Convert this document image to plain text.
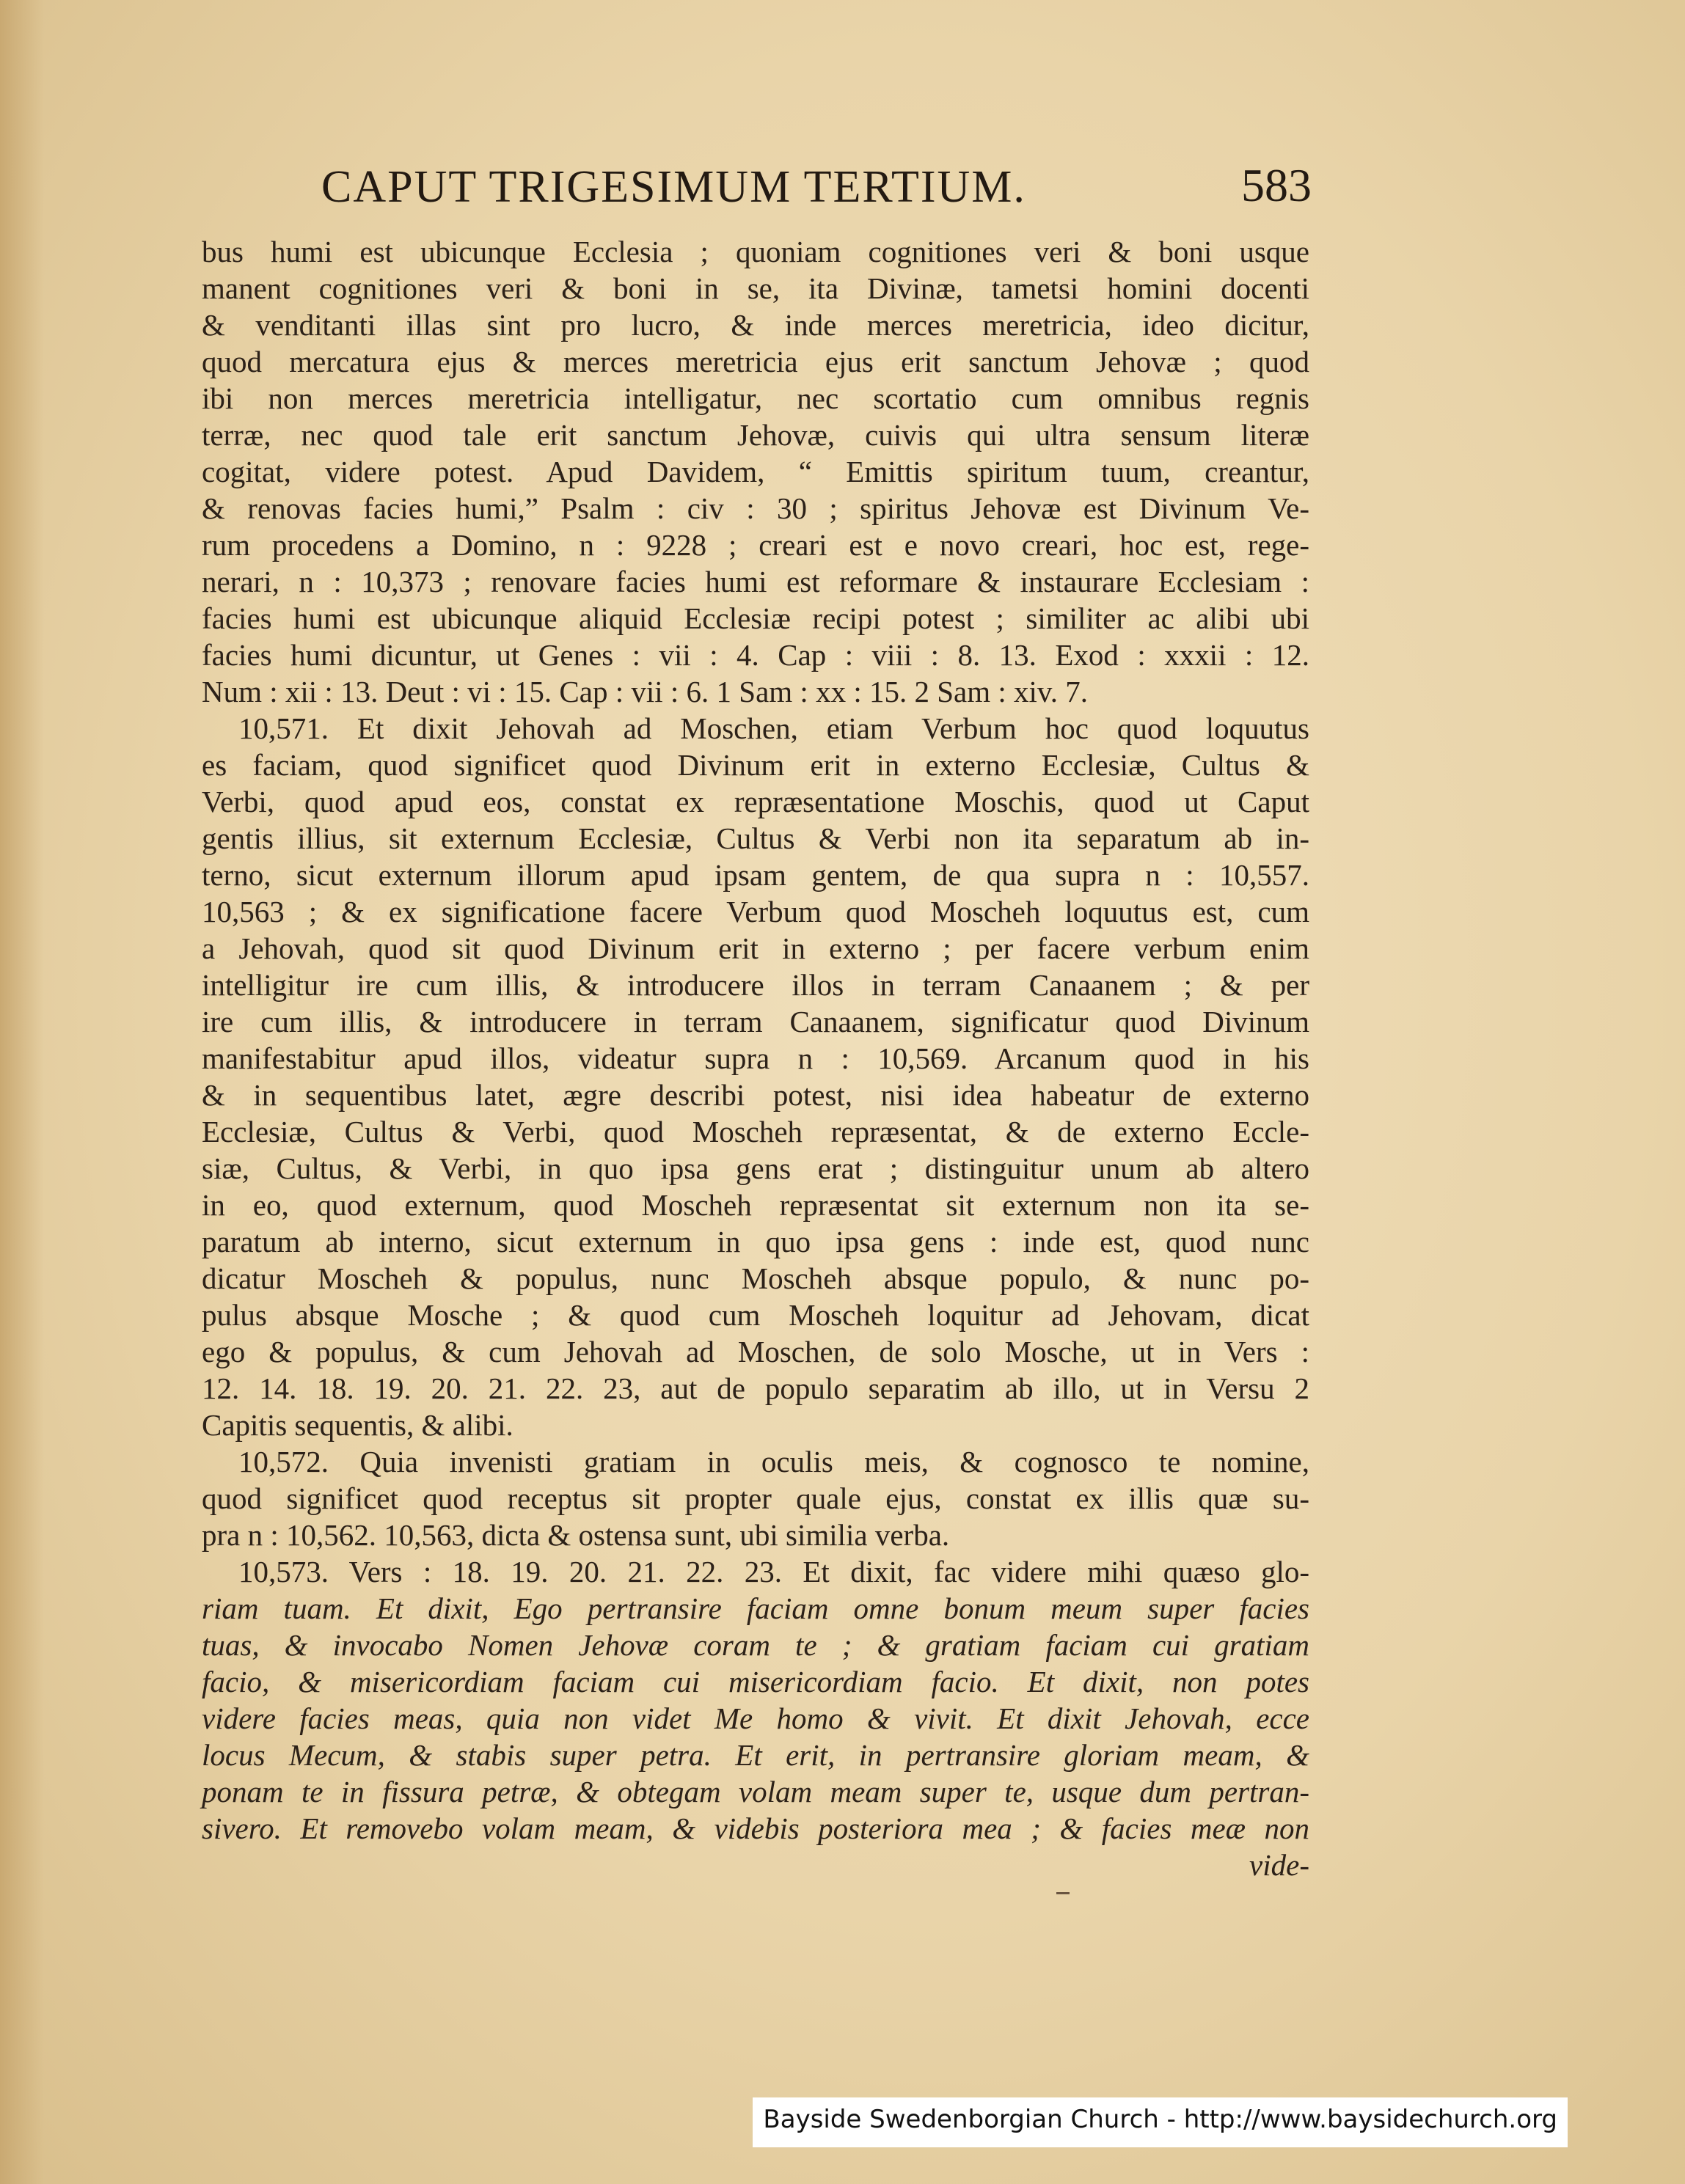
CAPUT TRIGESIMUM TERTIUM.	583
bus humi est ubicunque Ecclesia ; quoniam cognitiones veri & boni usque
manent cognitiones veri & boni in se, ita Divinæ, tametsi homini docenti
& venditanti illas sint pro lucro, & inde merces meretricia, ideo dicitur,
quod mercatura ejus & merces meretricia ejus erit sanctum Jehovæ ; quod
ibi non merces meretricia intelligatur, nec scortatio cum omnibus regnis
terræ, nec quod tale erit sanctum Jehovæ, cuivis qui ultra sensum literæ
cogitat, videre potest. Apud Davidem, “ Emittis spiritum tuum, creantur,
& renovas facies humi,” Psalm : civ : 30 ; spiritus Jehovæ est Divinum Ve-
rum procedens a Domino, n : 9228 ; creari est e novo creari, hoc est, rege-
nerari, n : 10,373 ; renovare facies humi est reformare & instaurare Ecclesiam :
facies humi est ubicunque aliquid Ecclesiæ recipi potest ; similiter ac alibi ubi
facies humi dicuntur, ut Genes : vii : 4. Cap : viii : 8. 13. Exod : xxxii : 12.
Num : xii : 13. Deut : vi : 15. Cap : vii : 6. 1 Sam : xx : 15. 2 Sam : xiv. 7.
10,571. Et dixit Jehovah ad Moschen, etiam Verbum hoc quod loquutus
es faciam, quod significet quod Divinum erit in externo Ecclesiæ, Cultus &
Verbi, quod apud eos, constat ex repræsentatione Moschis, quod ut Caput
gentis illius, sit externum Ecclesiæ, Cultus & Verbi non ita separatum ab in-
terno, sicut externum illorum apud ipsam gentem, de qua supra n : 10,557.
10,563 ; & ex significatione facere Verbum quod Moscheh loquutus est, cum
a Jehovah, quod sit quod Divinum erit in externo ; per facere verbum enim
intelligitur ire cum illis, & introducere illos in terram Canaanem ; & per
ire cum illis, & introducere in terram Canaanem, significatur quod Divinum
manifestabitur apud illos, videatur supra n : 10,569. Arcanum quod in his
& in sequentibus latet, ægre describi potest, nisi idea habeatur de externo
Ecclesiæ, Cultus & Verbi, quod Moscheh repræsentat, & de externo Eccle-
siæ, Cultus, & Verbi, in quo ipsa gens erat ; distinguitur unum ab altero
in eo, quod externum, quod Moscheh repræsentat sit externum non ita se-
paratum ab interno, sicut externum in quo ipsa gens : inde est, quod nunc
dicatur Moscheh & populus, nunc Moscheh absque populo, & nunc po-
pulus absque Mosche ; & quod cum Moscheh loquitur ad Jehovam, dicat
ego & populus, & cum Jehovah ad Moschen, de solo Mosche, ut in Vers :
12. 14. 18. 19. 20. 21. 22. 23, aut de populo separatim ab illo, ut in Versu 2
Capitis sequentis, & alibi.
10,572. Quia invenisti gratiam in oculis meis, & cognosco te nomine,
quod significet quod receptus sit propter quale ejus, constat ex illis quæ su-
pra n : 10,562. 10,563, dicta & ostensa sunt, ubi similia verba.
10,573. Vers : 18. 19. 20. 21. 22. 23. Et dixit, fac videre mihi quæso glo-
riam tuam. Et dixit, Ego pertransire faciam omne bonum meum super facies
tuas, & invocabo Nomen Jehovæ coram te ; & gratiam faciam cui gratiam
facio, & misericordiam faciam cui misericordiam facio. Et dixit, non potes
videre facies meas, quia non videt Me homo & vivit. Et dixit Jehovah, ecce
locus Mecum, & stabis super petra. Et erit, in pertransire gloriam meam, &
ponam te in fissura petræ, & obtegam volam meam super te, usque dum pertran-
sivero. Et removebo volam meam, & videbis posteriora mea ; & facies meæ non
vide-
Bayside Swedenborgian Church - http://www.baysidechurch.org
